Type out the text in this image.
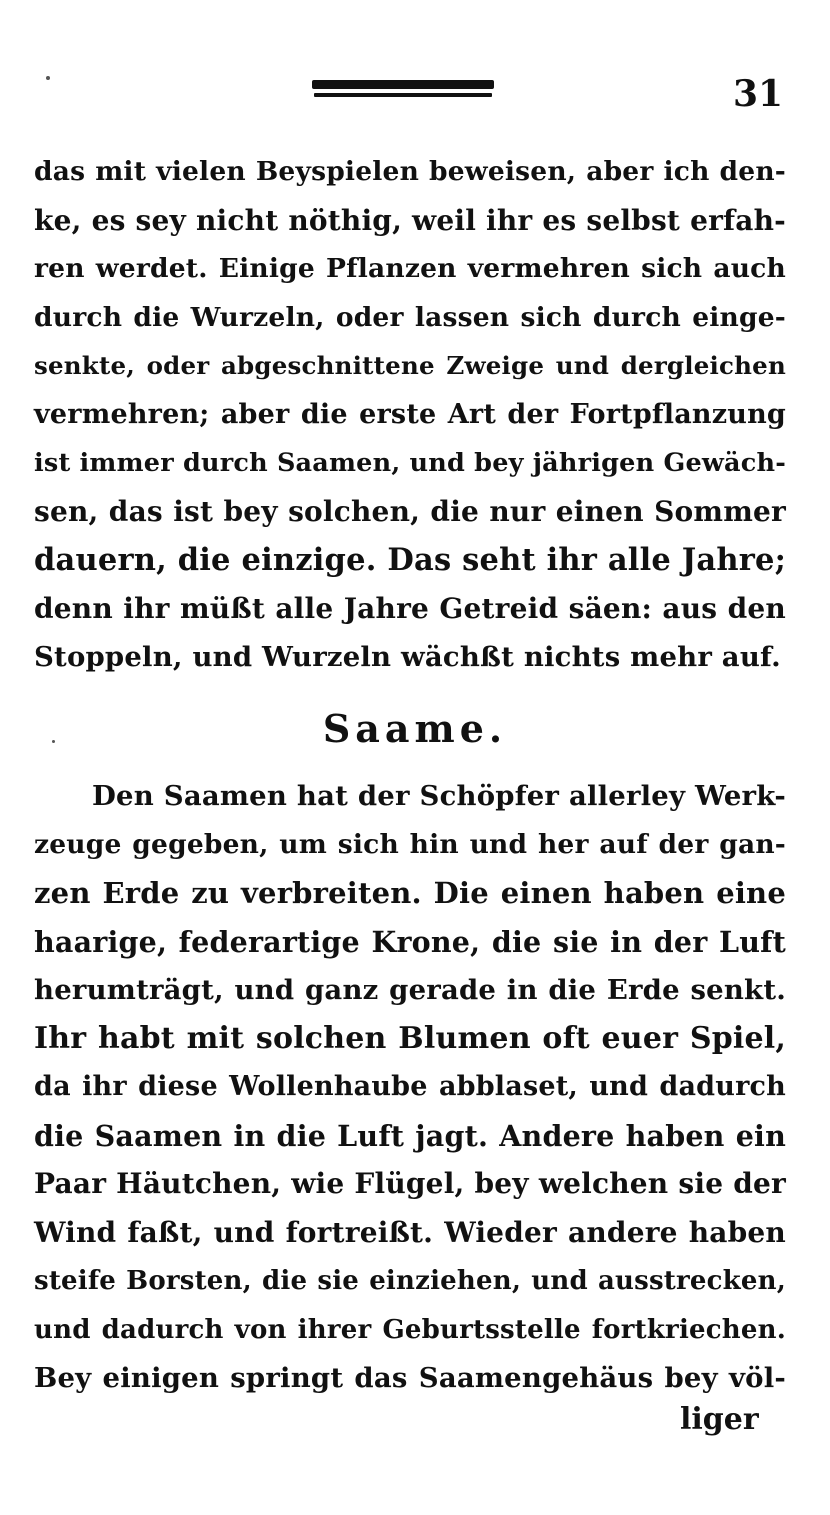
31
das mit vielen Beyspielen beweisen, aber ich den-
ke, es sey nicht nöthig, weil ihr es selbst erfah-
ren werdet. Einige Pflanzen vermehren sich auch
durch die Wurzeln, oder lassen sich durch einge-
senkte, oder abgeschnittene Zweige und dergleichen
vermehren; aber die erste Art der Fortpflanzung
ist immer durch Saamen, und bey jährigen Gewäch-
sen, das ist bey solchen, die nur einen Sommer
dauern, die einzige. Das seht ihr alle Jahre;
denn ihr müßt alle Jahre Getreid säen: aus den
Stoppeln, und Wurzeln wächßt nichts mehr auf.
Saame.
Den Saamen hat der Schöpfer allerley Werk-
zeuge gegeben, um sich hin und her auf der gan-
zen Erde zu verbreiten. Die einen haben eine
haarige, federartige Krone, die sie in der Luft
herumträgt, und ganz gerade in die Erde senkt.
Ihr habt mit solchen Blumen oft euer Spiel,
da ihr diese Wollenhaube abblaset, und dadurch
die Saamen in die Luft jagt. Andere haben ein
Paar Häutchen, wie Flügel, bey welchen sie der
Wind faßt, und fortreißt. Wieder andere haben
steife Borsten, die sie einziehen, und ausstrecken,
und dadurch von ihrer Geburtsstelle fortkriechen.
Bey einigen springt das Saamengehäus bey völ-
liger
